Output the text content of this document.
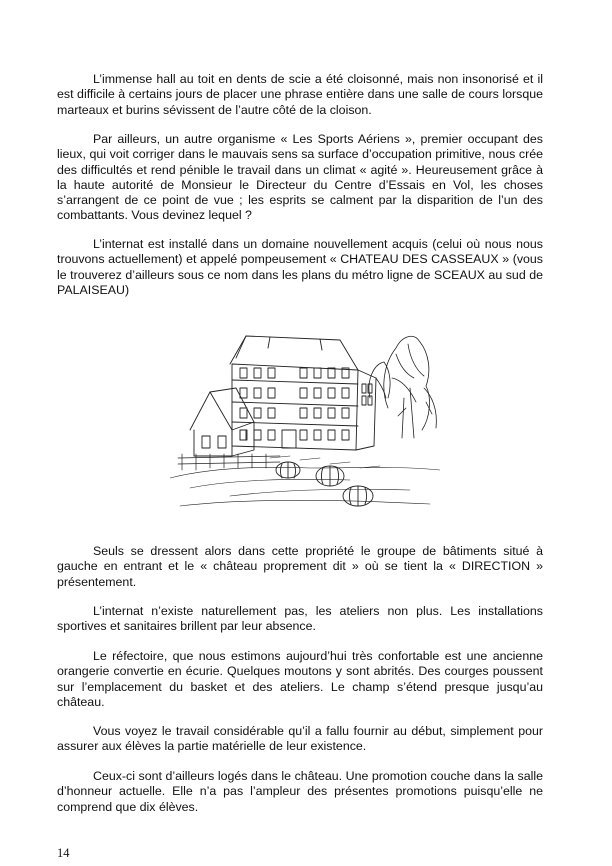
L’immense hall au toit en dents de scie a été cloisonné, mais non insonorisé et il est difficile à certains jours de placer une phrase entière dans une salle de cours lorsque marteaux et burins sévissent de l’autre côté de la cloison.

Par ailleurs, un autre organisme « Les Sports Aériens », premier occupant des lieux, qui voit corriger dans le mauvais sens sa surface d’occupation primitive, nous crée des difficultés et rend pénible le travail dans un climat « agité ». Heureusement grâce à la haute autorité de Monsieur le Directeur du Centre d’Essais en Vol, les choses s’arrangent de ce point de vue ; les esprits se calment par la disparition de l’un des combattants. Vous devinez lequel ?

L’internat est installé dans un domaine nouvellement acquis (celui où nous nous trouvons actuellement) et appelé pompeusement « CHATEAU DES CASSEAUX » (vous le trouverez d’ailleurs sous ce nom dans les plans du métro ligne de SCEAUX au sud de PALAISEAU)

Seuls se dressent alors dans cette propriété le groupe de bâtiments situé à gauche en entrant et le « château proprement dit » où se tient la « DIRECTION » présentement.

L’internat n’existe naturellement pas, les ateliers non plus. Les installations sportives et sanitaires brillent par leur absence.

Le réfectoire, que nous estimons aujourd’hui très confortable est une ancienne orangerie convertie en écurie. Quelques moutons y sont abrités. Des courges poussent sur l’emplacement du basket et des ateliers. Le champ s’étend presque jusqu’au château.

Vous voyez le travail considérable qu’il a fallu fournir au début, simplement pour assurer aux élèves la partie matérielle de leur existence.

Ceux-ci sont d’ailleurs logés dans le château. Une promotion couche dans la salle d’honneur actuelle. Elle n’a pas l’ampleur des présentes promotions puisqu’elle ne comprend que dix élèves.

14
